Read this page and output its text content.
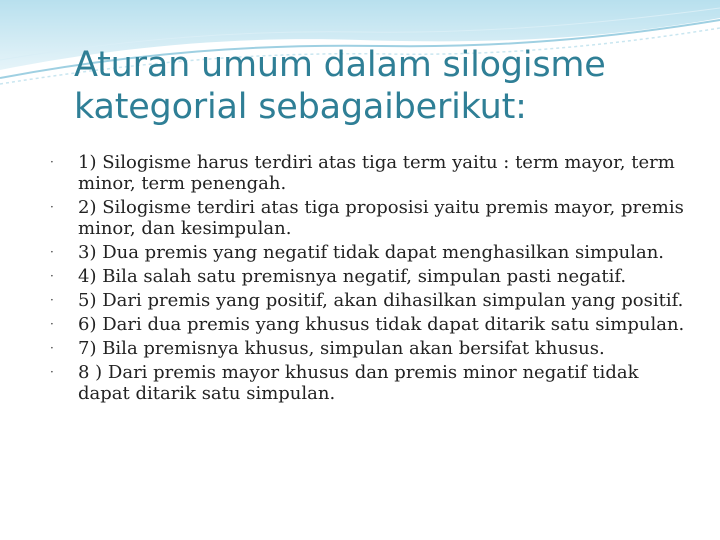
Aturan umum dalam silogisme
kategorial sebagaiberikut:
·	1) Silogisme harus terdiri atas tiga term yaitu : term mayor, term minor, term penengah.
·	2) Silogisme terdiri atas tiga proposisi yaitu premis mayor, premis minor, dan kesimpulan.
·	3) Dua premis yang negatif tidak dapat menghasilkan simpulan.
·	4) Bila salah satu premisnya negatif, simpulan pasti negatif.
·	5) Dari premis yang positif, akan dihasilkan simpulan yang positif.
·	6) Dari dua premis yang khusus tidak dapat ditarik satu simpulan.
·	7) Bila premisnya khusus, simpulan akan bersifat khusus.
·	8 ) Dari premis mayor khusus dan premis minor negatif tidak dapat ditarik satu simpulan.
